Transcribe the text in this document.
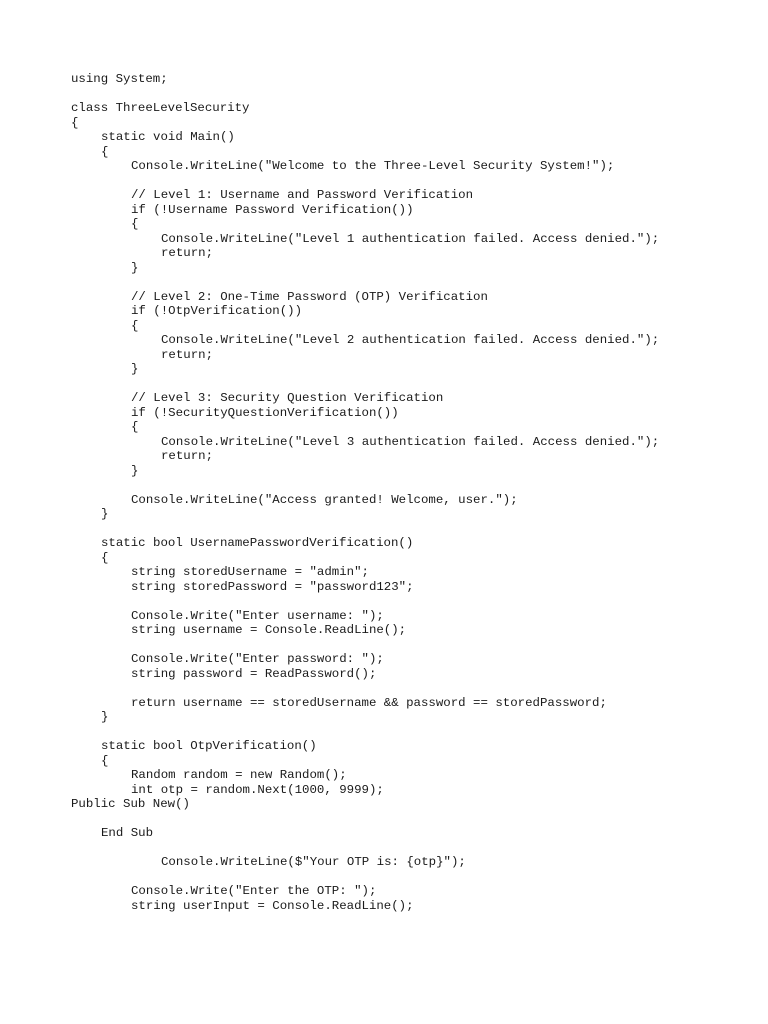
using System;
class ThreeLevelSecurity
{
static void Main()
{
Console.WriteLine("Welcome to the Three-Level Security System!");
// Level 1: Username and Password Verification
if (!Username Password Verification())
{
Console.WriteLine("Level 1 authentication failed. Access denied.");
return;
}
// Level 2: One-Time Password (OTP) Verification
if (!OtpVerification())
{
Console.WriteLine("Level 2 authentication failed. Access denied.");
return;
}
// Level 3: Security Question Verification
if (!SecurityQuestionVerification())
{
Console.WriteLine("Level 3 authentication failed. Access denied.");
return;
}
Console.WriteLine("Access granted! Welcome, user.");
}
static bool UsernamePasswordVerification()
{
string storedUsername = "admin";
string storedPassword = "password123";
Console.Write("Enter username: ");
string username = Console.ReadLine();
Console.Write("Enter password: ");
string password = ReadPassword();
return username == storedUsername && password == storedPassword;
}
static bool OtpVerification()
{
Random random = new Random();
int otp = random.Next(1000, 9999);
Public Sub New()
End Sub
Console.WriteLine($"Your OTP is: {otp}");
Console.Write("Enter the OTP: ");
string userInput = Console.ReadLine();
